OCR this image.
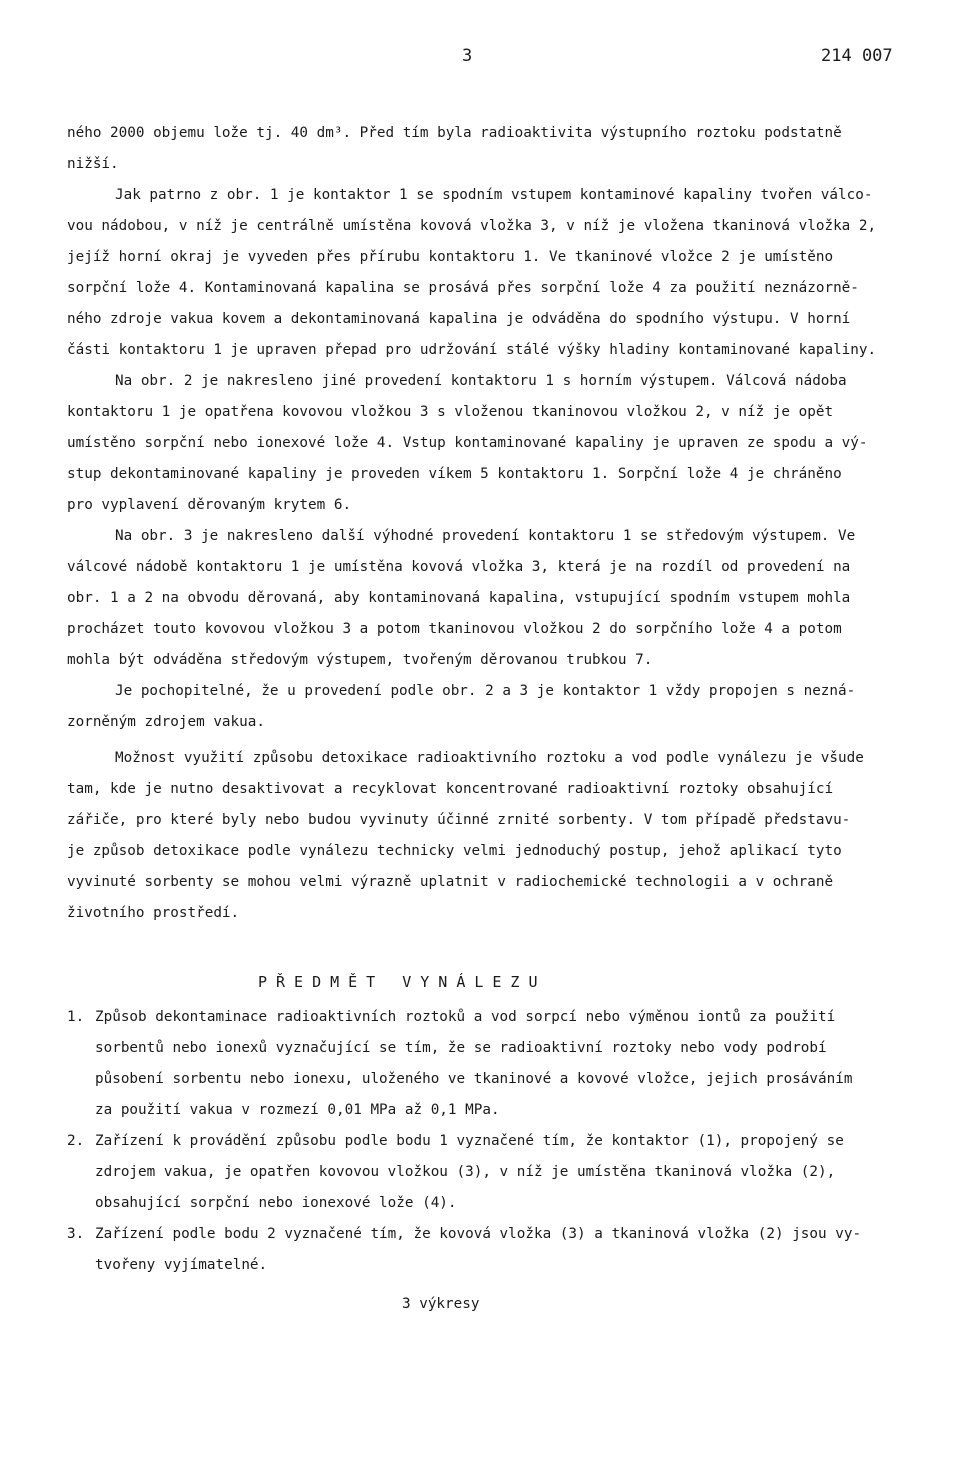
3	214 007
ného 2000 objemu lože tj. 40 dm³. Před tím byla radioaktivita výstupního roztoku podstatně
nižší.
Jak patrno z obr. 1 je kontaktor 1 se spodním vstupem kontaminové kapaliny tvořen válco-
vou nádobou, v níž je centrálně umístěna kovová vložka 3, v níž je vložena tkaninová vložka 2,
jejíž horní okraj je vyveden přes přírubu kontaktoru 1. Ve tkaninové vložce 2 je umístěno
sorpční lože 4. Kontaminovaná kapalina se prosává přes sorpční lože 4 za použití neznázorně-
ného zdroje vakua kovem a dekontaminovaná kapalina je odváděna do spodního výstupu. V horní
části kontaktoru 1 je upraven přepad pro udržování stálé výšky hladiny kontaminované kapaliny.
Na obr. 2 je nakresleno jiné provedení kontaktoru 1 s horním výstupem. Válcová nádoba
kontaktoru 1 je opatřena kovovou vložkou 3 s vloženou tkaninovou vložkou 2, v níž je opět
umístěno sorpční nebo ionexové lože 4. Vstup kontaminované kapaliny je upraven ze spodu a vý-
stup dekontaminované kapaliny je proveden víkem 5 kontaktoru 1. Sorpční lože 4 je chráněno
pro vyplavení děrovaným krytem 6.
Na obr. 3 je nakresleno další výhodné provedení kontaktoru 1 se středovým výstupem. Ve
válcové nádobě kontaktoru 1 je umístěna kovová vložka 3, která je na rozdíl od provedení na
obr. 1 a 2 na obvodu děrovaná, aby kontaminovaná kapalina, vstupující spodním vstupem mohla
procházet touto kovovou vložkou 3 a potom tkaninovou vložkou 2 do sorpčního lože 4 a potom
mohla být odváděna středovým výstupem, tvořeným děrovanou trubkou 7.
Je pochopitelné, že u provedení podle obr. 2 a 3 je kontaktor 1 vždy propojen s nezná-
zorněným zdrojem vakua.
Možnost využití způsobu detoxikace radioaktivního roztoku a vod podle vynálezu je všude
tam, kde je nutno desaktivovat a recyklovat koncentrované radioaktivní roztoky obsahující
zářiče, pro které byly nebo budou vyvinuty účinné zrnité sorbenty. V tom případě představu-
je způsob detoxikace podle vynálezu technicky velmi jednoduchý postup, jehož aplikací tyto
vyvinuté sorbenty se mohou velmi výrazně uplatnit v radiochemické technologii a v ochraně
životního prostředí.
PŘEDMĚT VYNÁLEZU
1. Způsob dekontaminace radioaktivních roztoků a vod sorpcí nebo výměnou iontů za použití
sorbentů nebo ionexů vyznačující se tím, že se radioaktivní roztoky nebo vody podrobí
působení sorbentu nebo ionexu, uloženého ve tkaninové a kovové vložce, jejich prosáváním
za použití vakua v rozmezí 0,01 MPa až 0,1 MPa.
2. Zařízení k provádění způsobu podle bodu 1 vyznačené tím, že kontaktor (1), propojený se
zdrojem vakua, je opatřen kovovou vložkou (3), v níž je umístěna tkaninová vložka (2),
obsahující sorpční nebo ionexové lože (4).
3. Zařízení podle bodu 2 vyznačené tím, že kovová vložka (3) a tkaninová vložka (2) jsou vy-
tvořeny vyjímatelné.
3 výkresy
